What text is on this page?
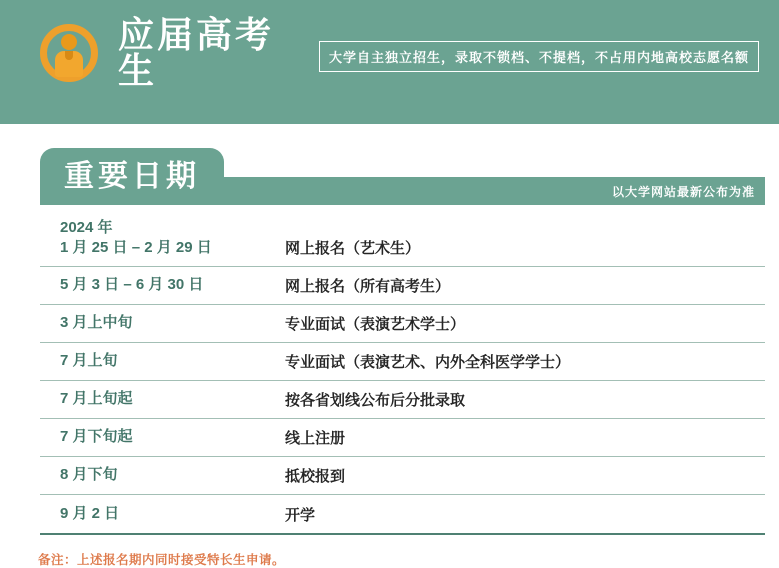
应届高考生	大学自主独立招生，录取不锁档、不提档，不占用内地高校志愿名额
重要日期	以大学网站最新公布为准
2024 年
1 月 25 日 – 2 月 29 日	网上报名（艺术生）
5 月 3 日 – 6 月 30 日	网上报名（所有高考生）
3 月上中旬	专业面试（表演艺术学士）
7 月上旬	专业面试（表演艺术、内外全科医学学士）
7 月上旬起	按各省划线公布后分批录取
7 月下旬起	线上注册
8 月下旬	抵校报到
9 月 2 日	开学

备注：上述报名期内同时接受特长生申请。
